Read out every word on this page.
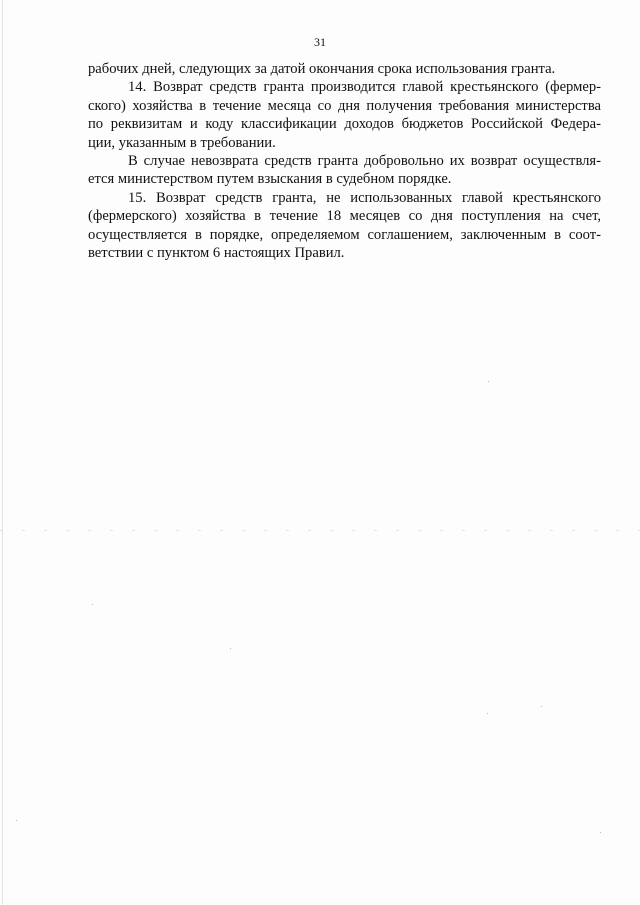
31
рабочих дней, следующих за датой окончания срока использования гранта.
14. Возврат средств гранта производится главой крестьянского (фермер-
ского) хозяйства в течение месяца со дня получения требования министерства
по реквизитам и коду классификации доходов бюджетов Российской Федера-
ции, указанным в требовании.
В случае невозврата средств гранта добровольно их возврат осуществля-
ется министерством путем взыскания в судебном порядке.
15. Возврат средств гранта, не использованных главой крестьянского
(фермерского) хозяйства в течение 18 месяцев со дня поступления на счет,
осуществляется в порядке, определяемом соглашением, заключенным в соот-
ветствии с пунктом 6 настоящих Правил.
